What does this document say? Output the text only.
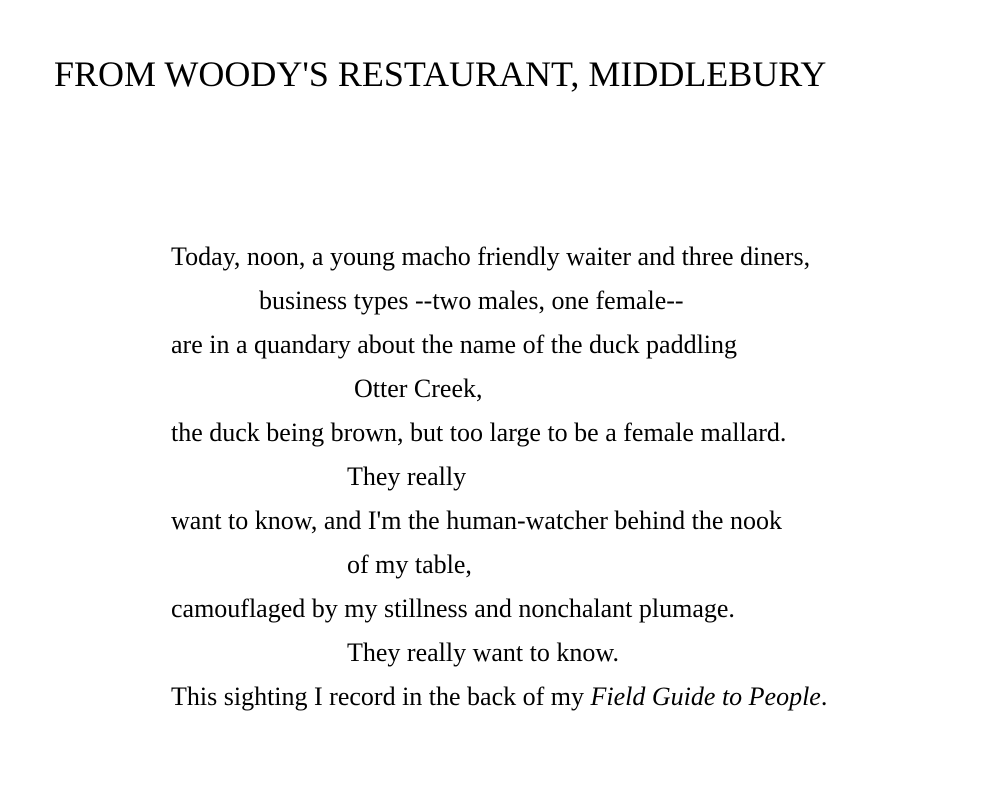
FROM WOODY'S RESTAURANT, MIDDLEBURY
Today, noon, a young macho friendly waiter and three diners,
business types --two males, one female--
are in a quandary about the name of the duck paddling
Otter Creek,
the duck being brown, but too large to be a female mallard.
They really
want to know, and I'm the human-watcher behind the nook
of my table,
camouflaged by my stillness and nonchalant plumage.
They really want to know.
This sighting I record in the back of my Field Guide to People.
